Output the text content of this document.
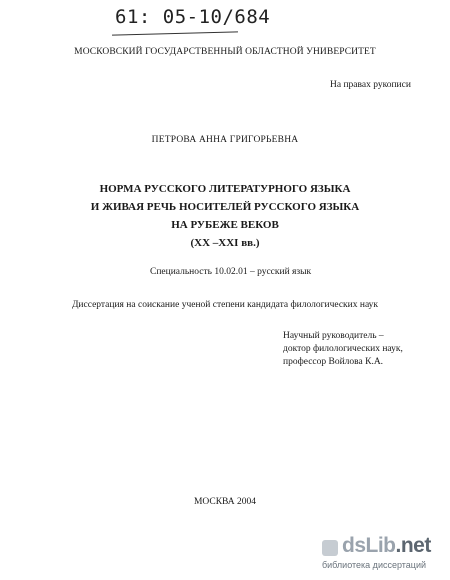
61: 05-10/684
МОСКОВСКИЙ ГОСУДАРСТВЕННЫЙ ОБЛАСТНОЙ УНИВЕРСИТЕТ
На правах рукописи
ПЕТРОВА АННА ГРИГОРЬЕВНА
НОРМА РУССКОГО ЛИТЕРАТУРНОГО ЯЗЫКА
И ЖИВАЯ РЕЧЬ НОСИТЕЛЕЙ РУССКОГО ЯЗЫКА
НА РУБЕЖЕ ВЕКОВ
(XX –XXI вв.)
Специальность 10.02.01 – русский язык
Диссертация на соискание ученой степени кандидата филологических наук
Научный руководитель –
доктор филологических наук,
профессор Войлова К.А.
МОСКВА 2004
dsLib.net
библиотека диссертаций
